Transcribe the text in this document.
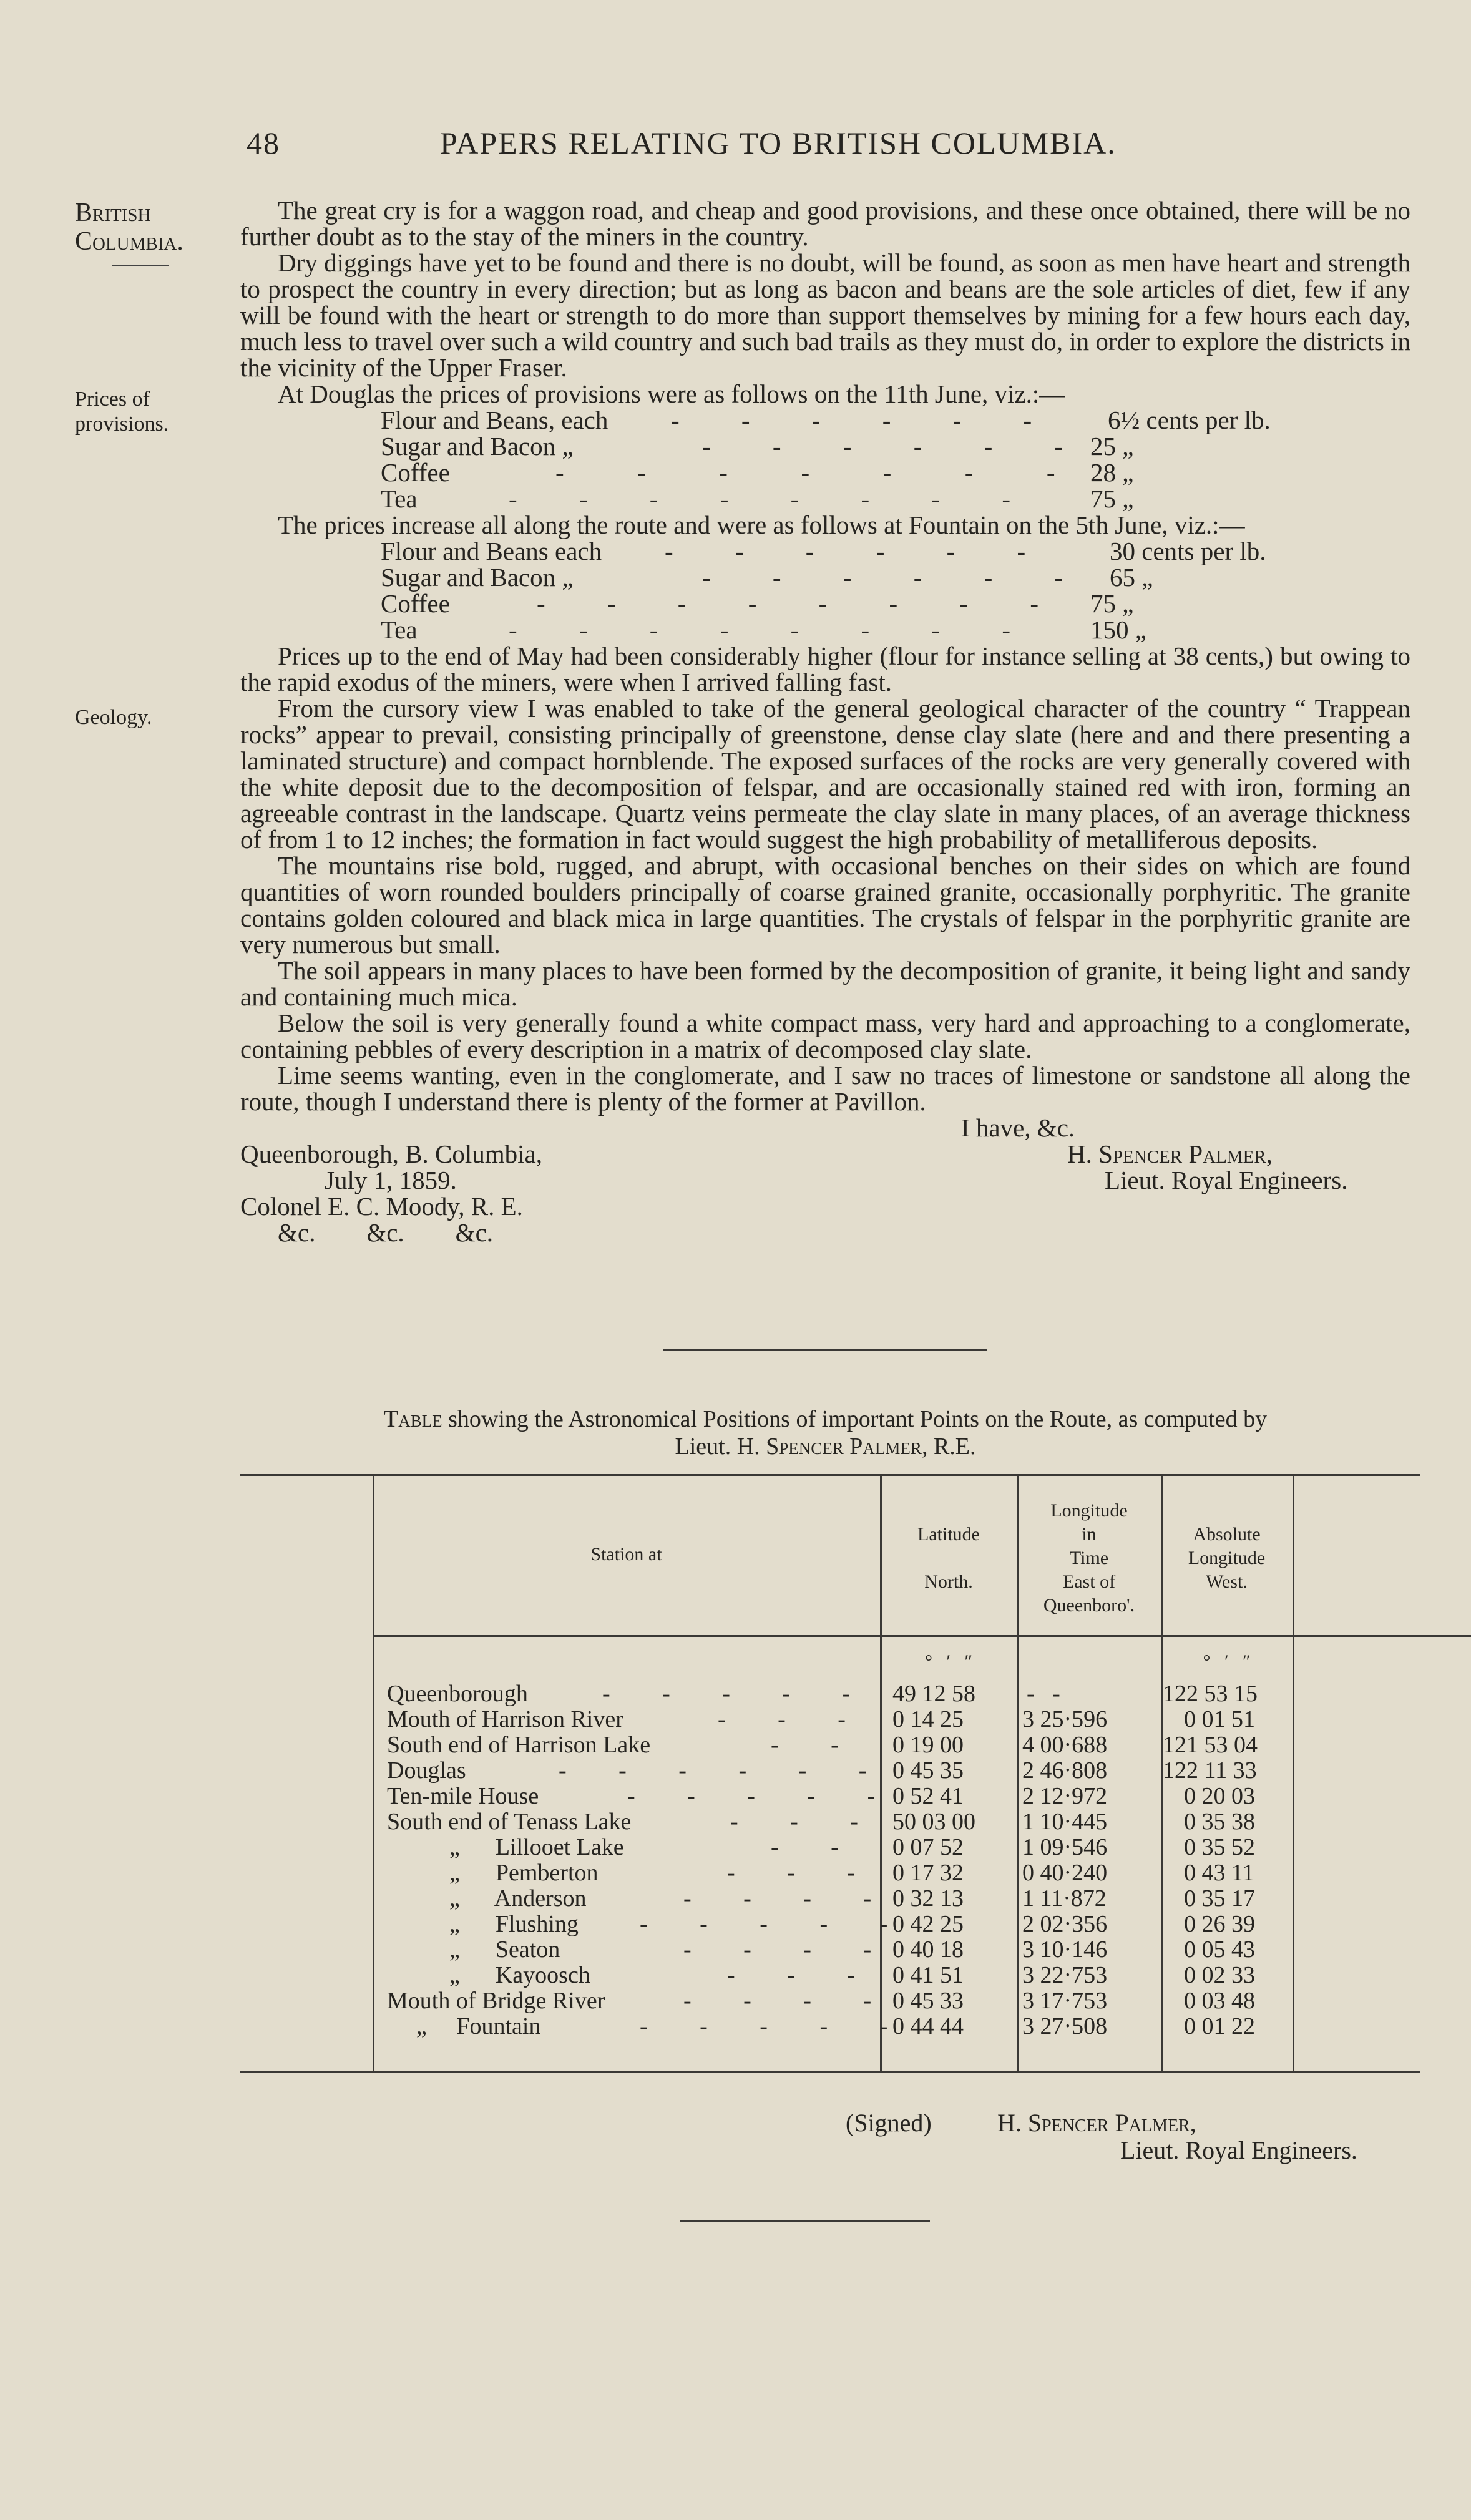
48	PAPERS RELATING TO BRITISH COLUMBIA.
British Columbia.
Prices of provisions.
Geology.

The great cry is for a waggon road, and cheap and good provisions, and these once obtained, there will be no further doubt as to the stay of the miners in the country.

Dry diggings have yet to be found and there is no doubt, will be found, as soon as men have heart and strength to prospect the country in every direction; but as long as bacon and beans are the sole articles of diet, few if any will be found with the heart or strength to do more than support themselves by mining for a few hours each day, much less to travel over such a wild country and such bad trails as they must do, in order to explore the districts in the vicinity of the Upper Fraser.

At Douglas the prices of provisions were as follows on the 11th June, viz.:—

Flour and Beans, each -     -     -     -     -     -	6½ cents per lb.
Sugar and Bacon „	-     -     -     -     -     - 25 „
Coffee	-      -      -      -      -      -      -	28 „
Tea	-     -     -     -     -     -     -     -	75 „

The prices increase all along the route and were as follows at Fountain on the 5th June, viz.:—

Flour and Beans each -     -     -     -     -     -	30 cents per lb.
Sugar and Bacon „	-     -     -     -     -     -	65 „
Coffee	-     -     -     -     -     -     -     -	75 „
Tea	-     -     -     -     -     -     -     -	150 „

Prices up to the end of May had been considerably higher (flour for instance selling at 38 cents,) but owing to the rapid exodus of the miners, were when I arrived falling fast.

From the cursory view I was enabled to take of the general geological character of the country “ Trappean rocks” appear to prevail, consisting principally of greenstone, dense clay slate (here and and there presenting a laminated structure) and compact hornblende. The exposed surfaces of the rocks are very generally covered with the white deposit due to the decomposition of felspar, and are occasionally stained red with iron, forming an agreeable contrast in the landscape. Quartz veins permeate the clay slate in many places, of an average thickness of from 1 to 12 inches; the formation in fact would suggest the high probability of metalliferous deposits.

The mountains rise bold, rugged, and abrupt, with occasional benches on their sides on which are found quantities of worn rounded boulders principally of coarse grained granite, occasionally porphyritic. The granite contains golden coloured and black mica in large quantities. The crystals of felspar in the porphyritic granite are very numerous but small.

The soil appears in many places to have been formed by the decomposition of granite, it being light and sandy and containing much mica.

Below the soil is very generally found a white compact mass, very hard and approaching to a conglomerate, containing pebbles of every description in a matrix of decomposed clay slate.

Lime seems wanting, even in the conglomerate, and I saw no traces of limestone or sandstone all along the route, though I understand there is plenty of the former at Pavillon.

I have, &c.
Queenborough, B. Columbia,	H. Spencer Palmer,
July 1, 1859.	Lieut. Royal Engineers.
Colonel E. C. Moody, R. E.
&c.        &c.        &c.
Table showing the Astronomical Positions of important Points on the Route, as computed by
Lieut. H. Spencer Palmer, R.E.
Station at
Latitude

North.
Longitude
in
Time
East of
Queenboro'.
Absolute
Longitude
West.
°   ′   ″	°   ′   ″
Queenborough	-     -     -     -     - 49 12 58	-   -	122 53 15
Mouth of Harrison River	-     -     - 0 14 25	3 25·596	0 01 51
South end of Harrison Lake	-     - 0 19 00	4 00·688	121 53 04
Douglas	-     -     -     -     -     - 0 45 35	2 46·808	122 11 33
Ten-mile House	-     -     -     -     - 0 52 41	2 12·972	0 20 03
South end of Tenass Lake	-     -     - 50 03 00	1 10·445	0 35 38
„      Lillooet Lake	-     - 0 07 52	1 09·546	0 35 52
„      Pemberton	-     -     - 0 17 32	0 40·240	0 43 11
„      Anderson	-     -     -     - 0 32 13	1 11·872	0 35 17
„      Flushing	-     -     -     -     - 0 42 25	2 02·356	0 26 39
„      Seaton	-     -     -     - 0 40 18	3 10·146	0 05 43
„      Kayoosch	-     -     - 0 41 51	3 22·753	0 02 33
Mouth of Bridge River	-     -     -     - 0 45 33	3 17·753	0 03 48
„     Fountain	-     -     -     -     - 0 44 44	3 27·508	0 01 22
(Signed)	H. Spencer Palmer,
Lieut. Royal Engineers.
